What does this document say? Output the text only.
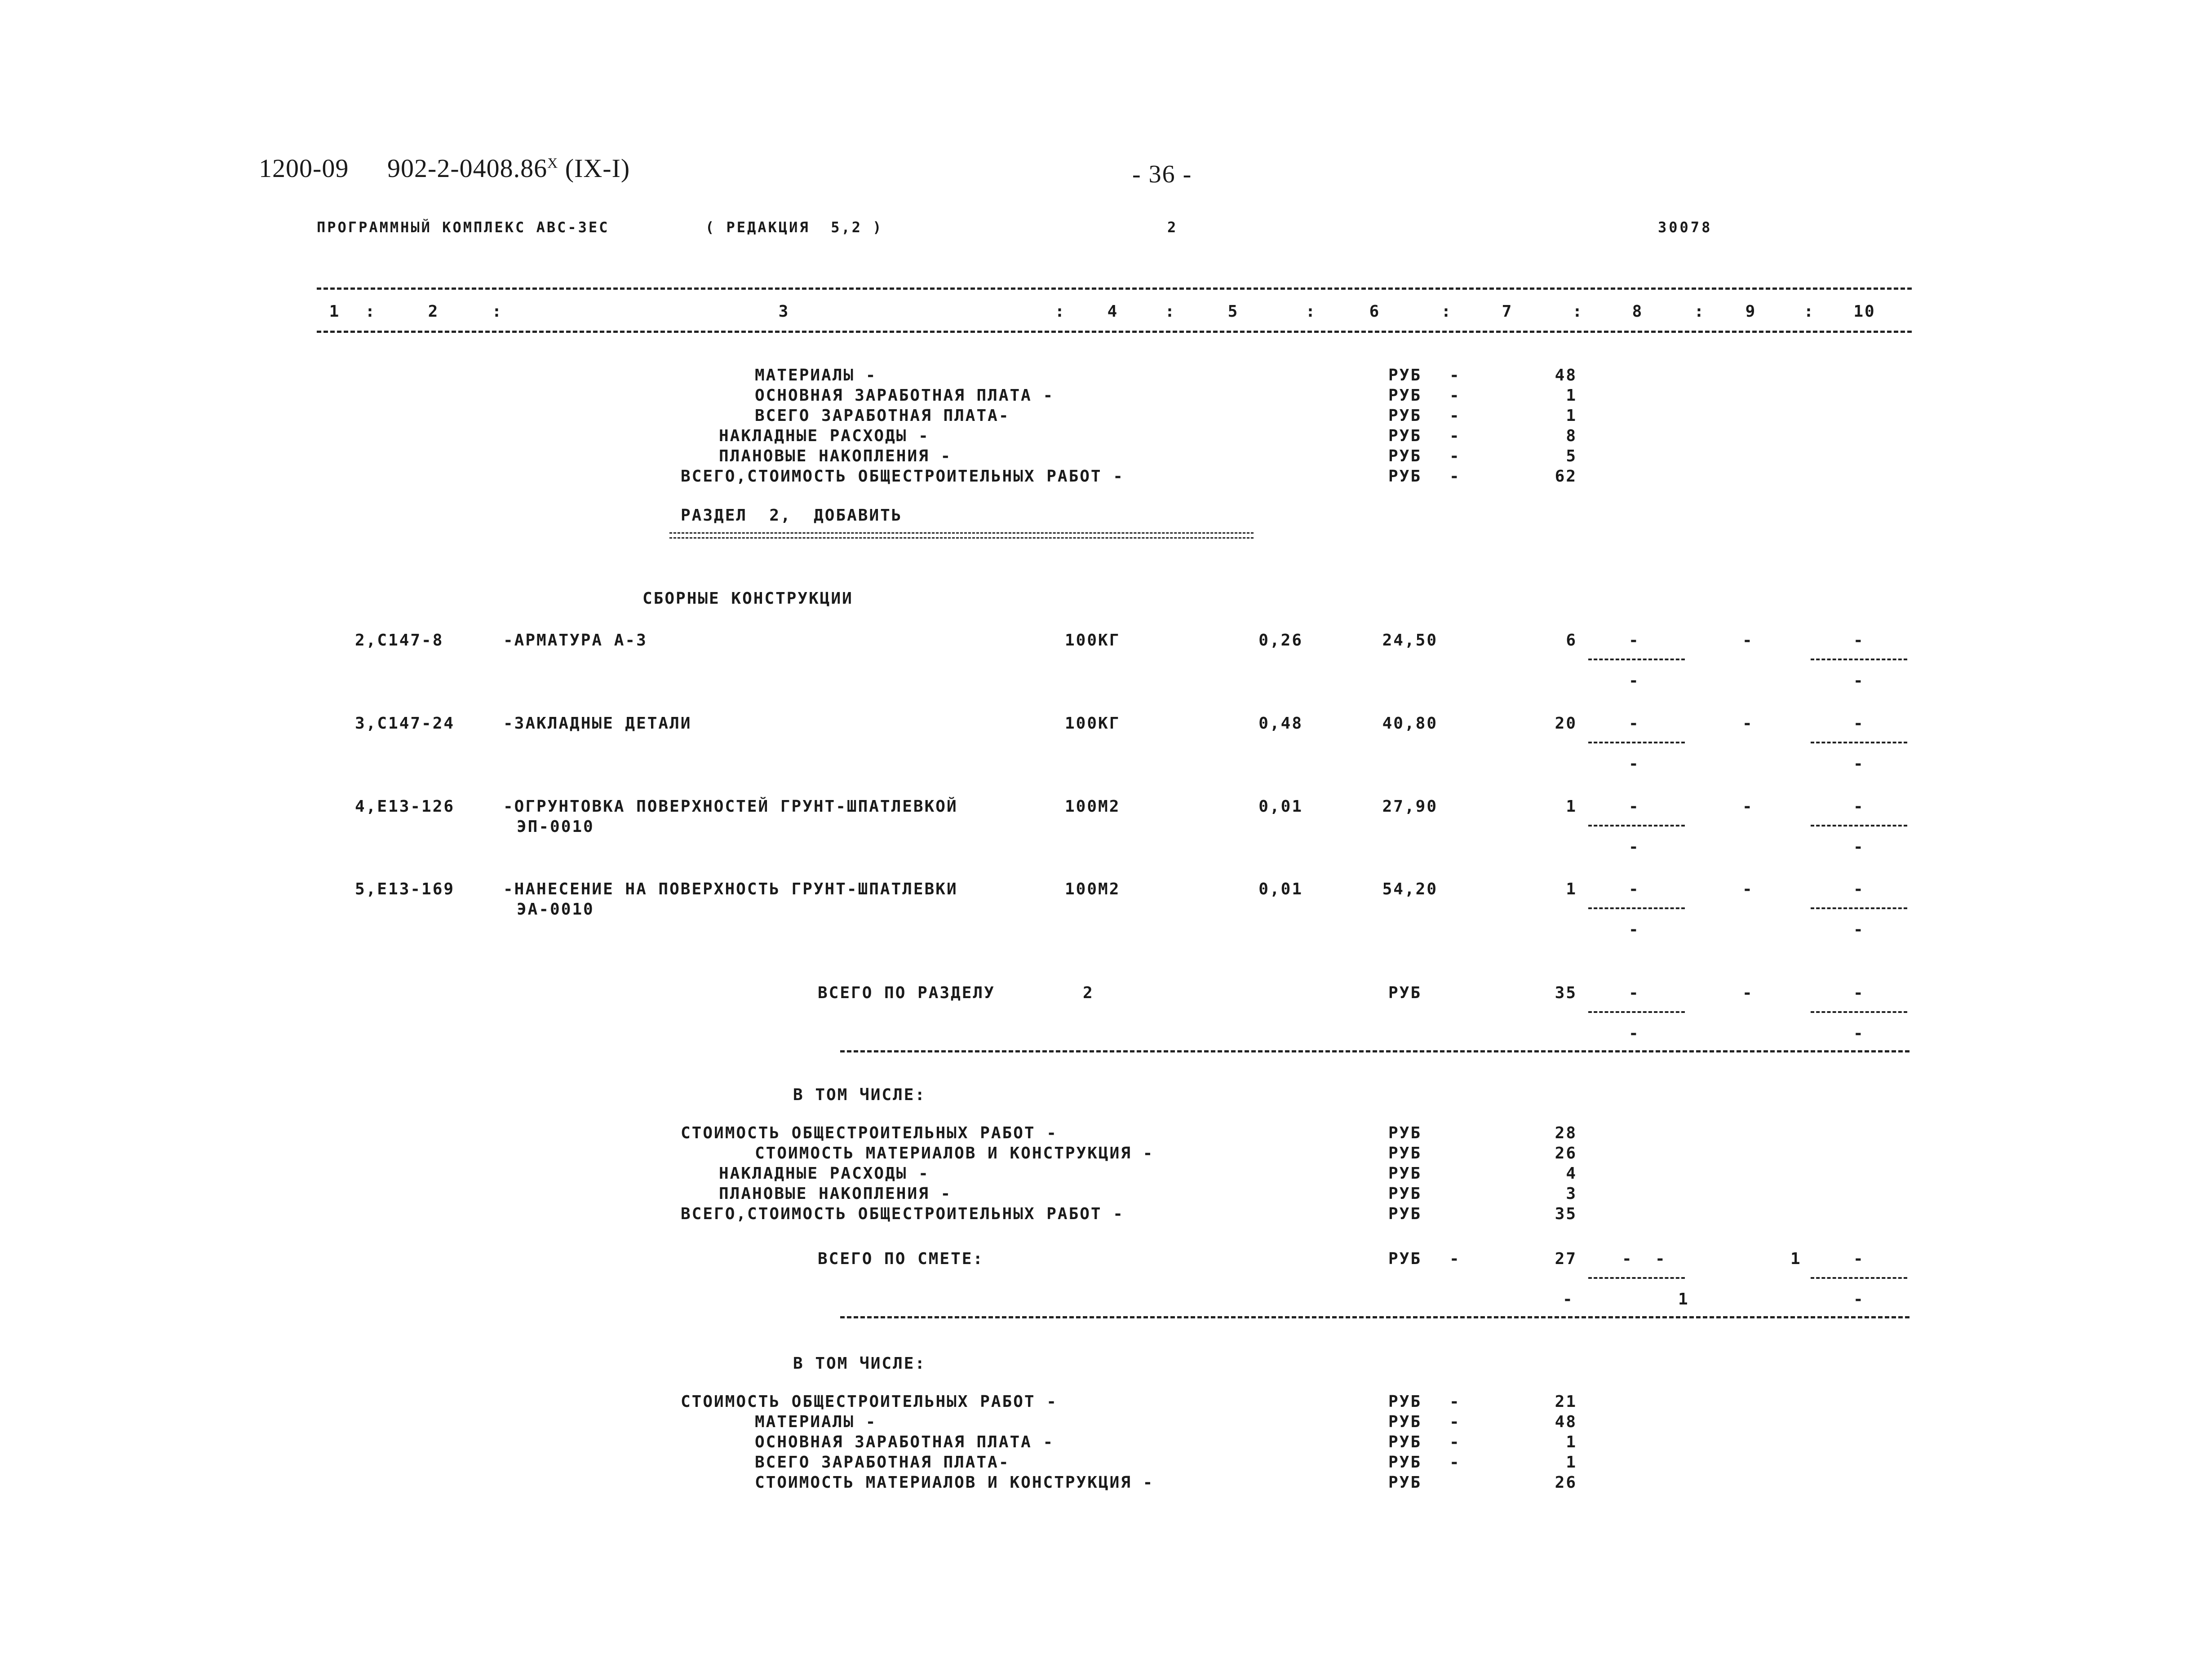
1200-09 $902-2-0408.86^X$ (IX-I)	- 36 -
ПРОГРАММНЫЙ КОМПЛЕКС АВС-3ЕС	( РЕДАКЦИЯ  5,2 )	2	30078
1	:	2	:	3	:	4	:	5	:	6	:	7	:	8	:	9	:	10
МАТЕРИАЛЫ -	РУБ -	48
ОСНОВНАЯ ЗАРАБОТНАЯ ПЛАТА -	РУБ -	1
ВСЕГО ЗАРАБОТНАЯ ПЛАТА-	РУБ -	1
НАКЛАДНЫЕ РАСХОДЫ -	РУБ -	8
ПЛАНОВЫЕ НАКОПЛЕНИЯ -	РУБ -	5
ВСЕГО,СТОИМОСТЬ ОБЩЕСТРОИТЕЛЬНЫХ РАБОТ -	РУБ -	62
РАЗДЕЛ  2,  ДОБАВИТЬ
СБОРНЫЕ КОНСТРУКЦИИ
2,С147-8	-АРМАТУРА А-3	100КГ	0,26	24,50	6	-	-	-
-	-
3,С147-24	-ЗАКЛАДНЫЕ ДЕТАЛИ	100КГ	0,48	40,80	20	-	-	-
-	-
4,Е13-126	-ОГРУНТОВКА ПОВЕРХНОСТЕЙ ГРУНТ-ШПАТЛЕВКОЙ
ЭП-0010
100М2	0,01	27,90	1	-	-	-
-	-
5,Е13-169	-НАНЕСЕНИЕ НА ПОВЕРХНОСТЬ ГРУНТ-ШПАТЛЕВКИ
ЭА-0010
100М2	0,01	54,20	1	-	-	-
-	-
ВСЕГО ПО РАЗДЕЛУ	2	РУБ	35	-	-	-
-	-
В ТОМ ЧИСЛЕ:
СТОИМОСТЬ ОБЩЕСТРОИТЕЛЬНЫХ РАБОТ -	РУБ	28
СТОИМОСТЬ МАТЕРИАЛОВ И КОНСТРУКЦИЯ -	РУБ	26
НАКЛАДНЫЕ РАСХОДЫ -	РУБ	4
ПЛАНОВЫЕ НАКОПЛЕНИЯ -	РУБ	3
ВСЕГО,СТОИМОСТЬ ОБЩЕСТРОИТЕЛЬНЫХ РАБОТ -	РУБ	35
ВСЕГО ПО СМЕТЕ:	РУБ -	27	-  -	1	-
-	1	-
В ТОМ ЧИСЛЕ:
СТОИМОСТЬ ОБЩЕСТРОИТЕЛЬНЫХ РАБОТ -	РУБ -	21
МАТЕРИАЛЫ -	РУБ -	48
ОСНОВНАЯ ЗАРАБОТНАЯ ПЛАТА -	РУБ -	1
ВСЕГО ЗАРАБОТНАЯ ПЛАТА-	РУБ -	1
СТОИМОСТЬ МАТЕРИАЛОВ И КОНСТРУКЦИЯ -	РУБ	26
